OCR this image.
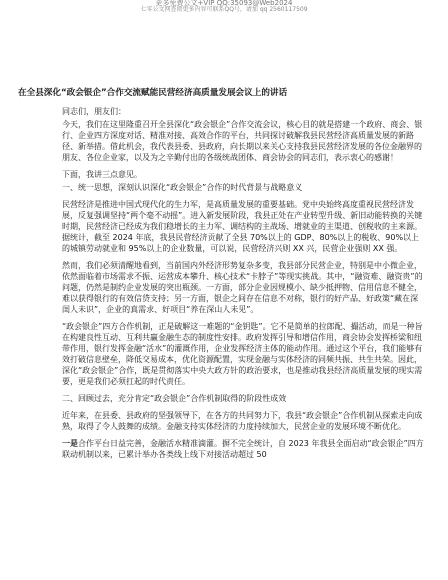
更多免费公文+VIP QQ:35093@Web2024
七零公文网查阅更多内容可联系QQ号，请加 qq 2560117509
在全县深化“政会银企”合作交流赋能民营经济高质量发展会议上的讲话

同志们，朋友们：

今天，我们在这里隆重召开全县深化“政会银企”合作交流会议，核心目的就是搭建一个政府、商会、银行、企业四方深度对话、精准对接、高效合作的平台，共同探讨破解我县民营经济高质量发展的新路径、新举措。借此机会，我代表县委、县政府，向长期以来关心支持我县民营经济发展的各位金融界的朋友、各位企业家，以及为之辛勤付出的各级统战团体、商会协会的同志们，表示衷心的感谢！

下面，我讲三点意见。

一、统一思想，深刻认识深化“政会银企”合作的时代背景与战略意义

民营经济是推进中国式现代化的生力军，是高质量发展的重要基础。党中央始终高度重视民营经济发展，反复强调坚持“两个毫不动摇”。进入新发展阶段，我县正处在产业转型升级、新旧动能转换的关键时期，民营经济已经成为我们稳增长的主力军、调结构的主战场、增就业的主渠道、创税收的主来源。据统计，截至 2024 年底，我县民营经济贡献了全县 70%以上的 GDP、80%以上的税收、90%以上的城镇劳动就业和 95%以上的企业数量，可以说，民营经济兴则 XX 兴，民营企业强则 XX 强。

然而，我们必须清醒地看到，当前国内外经济形势复杂多变，我县部分民营企业，特别是中小微企业，依然面临着市场需求不振、运营成本攀升、核心技术“卡脖子”等现实挑战。其中，“融资难、融资贵”的问题，仍然是制约企业发展的突出瓶颈。一方面，部分企业因规模小、缺少抵押物、信用信息不健全，难以获得银行的有效信贷支持；另一方面，银企之间存在信息不对称，银行的好产品、好政策“藏在深闺人未识”，企业的真需求、好项目“养在深山人未见”。

“政会银企”四方合作机制，正是破解这一难题的“金钥匙”。它不是简单的拉郎配、撮活动，而是一种旨在构建良性互动、互利共赢金融生态的制度性安排。政府发挥引导和增信作用，商会协会发挥桥梁和纽带作用，银行发挥金融“活水”的灌溉作用，企业发挥经济主体的能动作用。通过这个平台，我们能够有效打破信息壁垒，降低交易成本，优化资源配置，实现金融与实体经济的同频共振、共生共荣。因此，深化“政会银企”合作，既是贯彻落实中央大政方针的政治要求，也是推动我县经济高质量发展的现实需要，更是我们必须扛起的时代责任。

二、回顾过去，充分肯定“政会银企”合作机制取得的阶段性成效

近年来，在县委、县政府的坚强领导下，在各方的共同努力下，我县“政会银企”合作机制从探索走向成熟，取得了令人鼓舞的成绩。金融支持实体经济的力度持续加大，民营企业的发展环境不断优化。

一是合作平台日益完善，金融活水精准滴灌。摒不完全统计，自 2023 年我县全面启动“政会银企”四方联动机制以来，已累计举办各类线上线下对接活动超过 50
